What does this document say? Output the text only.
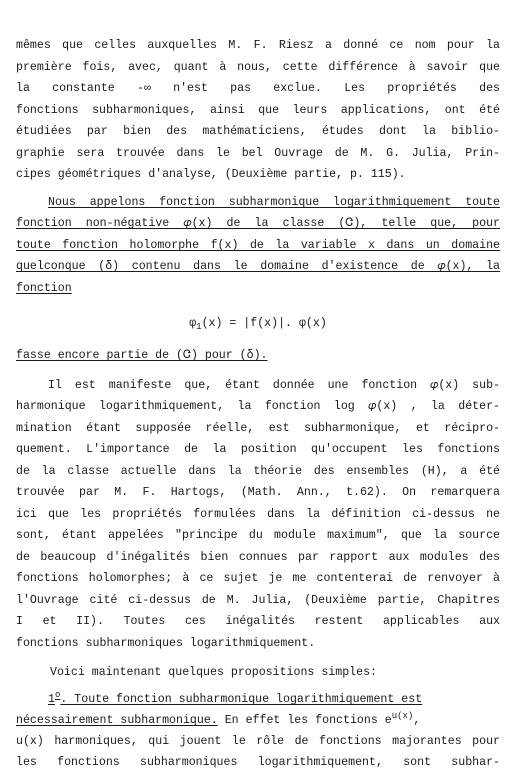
mêmes que celles auxquelles M. F. Riesz a donné ce nom pour la
première fois, avec, quant à nous, cette différence à savoir que
la constante -∞ n'est pas exclue. Les propriétés des
fonctions subharmoniques, ainsi que leurs applications, ont été
étudiées par bien des mathématiciens, études dont la biblio-
graphie sera trouvée dans le bel Ouvrage de M. G. Julia, Prin-
cipes géométriques d'analyse, (Deuxième partie, p. 115).
Nous appelons fonction subharmonique logarithmiquement toute
fonction non-négative 𝜑(x) de la classe (Ꮳ), telle que, pour
toute fonction holomorphe f(x) de la variable x dans un domaine
quelconque (δ) contenu dans le domaine d'existence de 𝜑(x), la
fonction
$\varphi_1(x) = |f(x)|$. φ(x)
fasse encore partie de (Ꮳ) pour (δ).
Il est manifeste que, étant donnée une fonction 𝜑(x) sub-
harmonique logarithmiquement, la fonction log 𝜑(x) , la déter-
mination étant supposée réelle, est subharmonique, et récipro-
quement. L'importance de la position qu'occupent les fonctions
de la classe actuelle dans la théorie des ensembles (H), a été
trouvée par M. F. Hartogs, (Math. Ann., t.62). On remarquera
ici que les propriétés formulées dans la définition ci-dessus ne
sont, étant appelées "principe du module maximum", que la source
de beaucoup d'inégalités bien connues par rapport aux modules des
fonctions holomorphes; à ce sujet je me contenterai de renvoyer à
l'Ouvrage cité ci-dessus de M. Julia, (Deuxième partie, Chapitres
I et II). Toutes ces inégalités restent applicables aux
fonctions subharmoniques logarithmiquement.
Voici maintenant quelques propositions simples:
1$^o$. Toute fonction subharmonique logarithmiquement est
nécessairement subharmonique. En effet les fonctions $e^{u(x)}$,
u(x) harmoniques, qui jouent le rôle de fonctions majorantes pour
les fonctions subharmoniques logarithmiquement, sont subhar-
